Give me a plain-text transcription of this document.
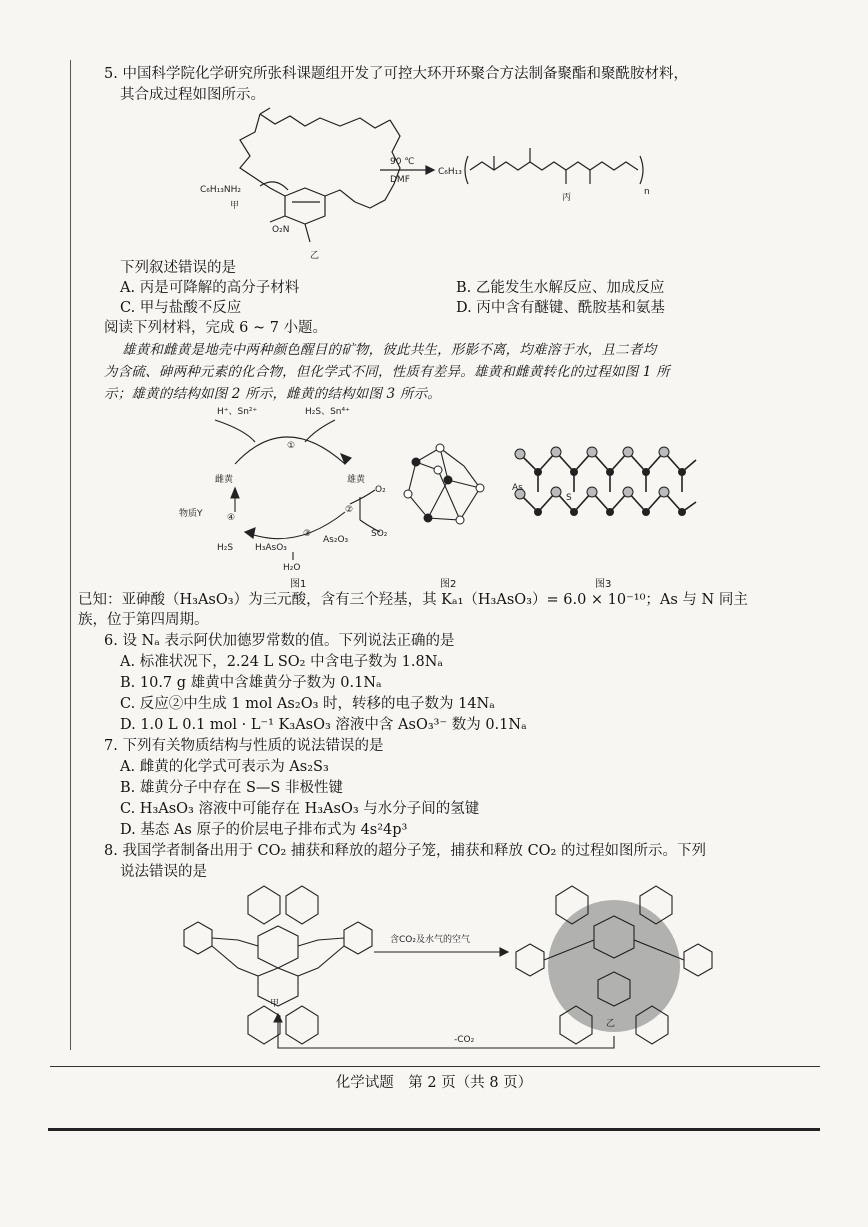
5. 中国科学院化学研究所张科课题组开发了可控大环开环聚合方法制备聚酯和聚酰胺材料，
其合成过程如图所示。
C₆H₁₃NH₂
甲
O₂N
乙
90 ℃
DMF
C₆H₁₃
n
丙
下列叙述错误的是
A. 丙是可降解的高分子材料	B. 乙能发生水解反应、加成反应
C. 甲与盐酸不反应	D. 丙中含有醚键、酰胺基和氨基
阅读下列材料，完成 6 ~ 7 小题。
雄黄和雌黄是地壳中两种颜色醒目的矿物，彼此共生，形影不离，均难溶于水，且二者均
为含硫、砷两种元素的化合物，但化学式不同，性质有差异。雄黄和雌黄转化的过程如图 1 所
示；雄黄的结构如图 2 所示，雌黄的结构如图 3 所示。
H⁺、Sn²⁺	H₂S、Sn⁴⁺
①
雌黄	雄黄
O₂
②
SO₂
As₂O₃
③
H₃AsO₃
H₂O
H₂S
④
物质Y
As
S
图1	图2	图3
已知：亚砷酸（H₃AsO₃）为三元酸，含有三个羟基，其 Kₐ₁（H₃AsO₃）= 6.0 × 10⁻¹⁰；As 与 N 同主
族，位于第四周期。
6. 设 Nₐ 表示阿伏加德罗常数的值。下列说法正确的是
A. 标准状况下，2.24 L SO₂ 中含电子数为 1.8Nₐ
B. 10.7 g 雄黄中含雄黄分子数为 0.1Nₐ
C. 反应②中生成 1 mol As₂O₃ 时，转移的电子数为 14Nₐ
D. 1.0 L 0.1 mol · L⁻¹ K₃AsO₃ 溶液中含 AsO₃³⁻ 数为 0.1Nₐ
7. 下列有关物质结构与性质的说法错误的是
A. 雌黄的化学式可表示为 As₂S₃
B. 雄黄分子中存在 S—S 非极性键
C. H₃AsO₃ 溶液中可能存在 H₃AsO₃ 与水分子间的氢键
D. 基态 As 原子的价层电子排布式为 4s²4p³
8. 我国学者制备出用于 CO₂ 捕获和释放的超分子笼，捕获和释放 CO₂ 的过程如图所示。下列
说法错误的是
甲
含CO₂及水气的空气
-CO₂
乙
化学试题　第 2 页（共 8 页）
